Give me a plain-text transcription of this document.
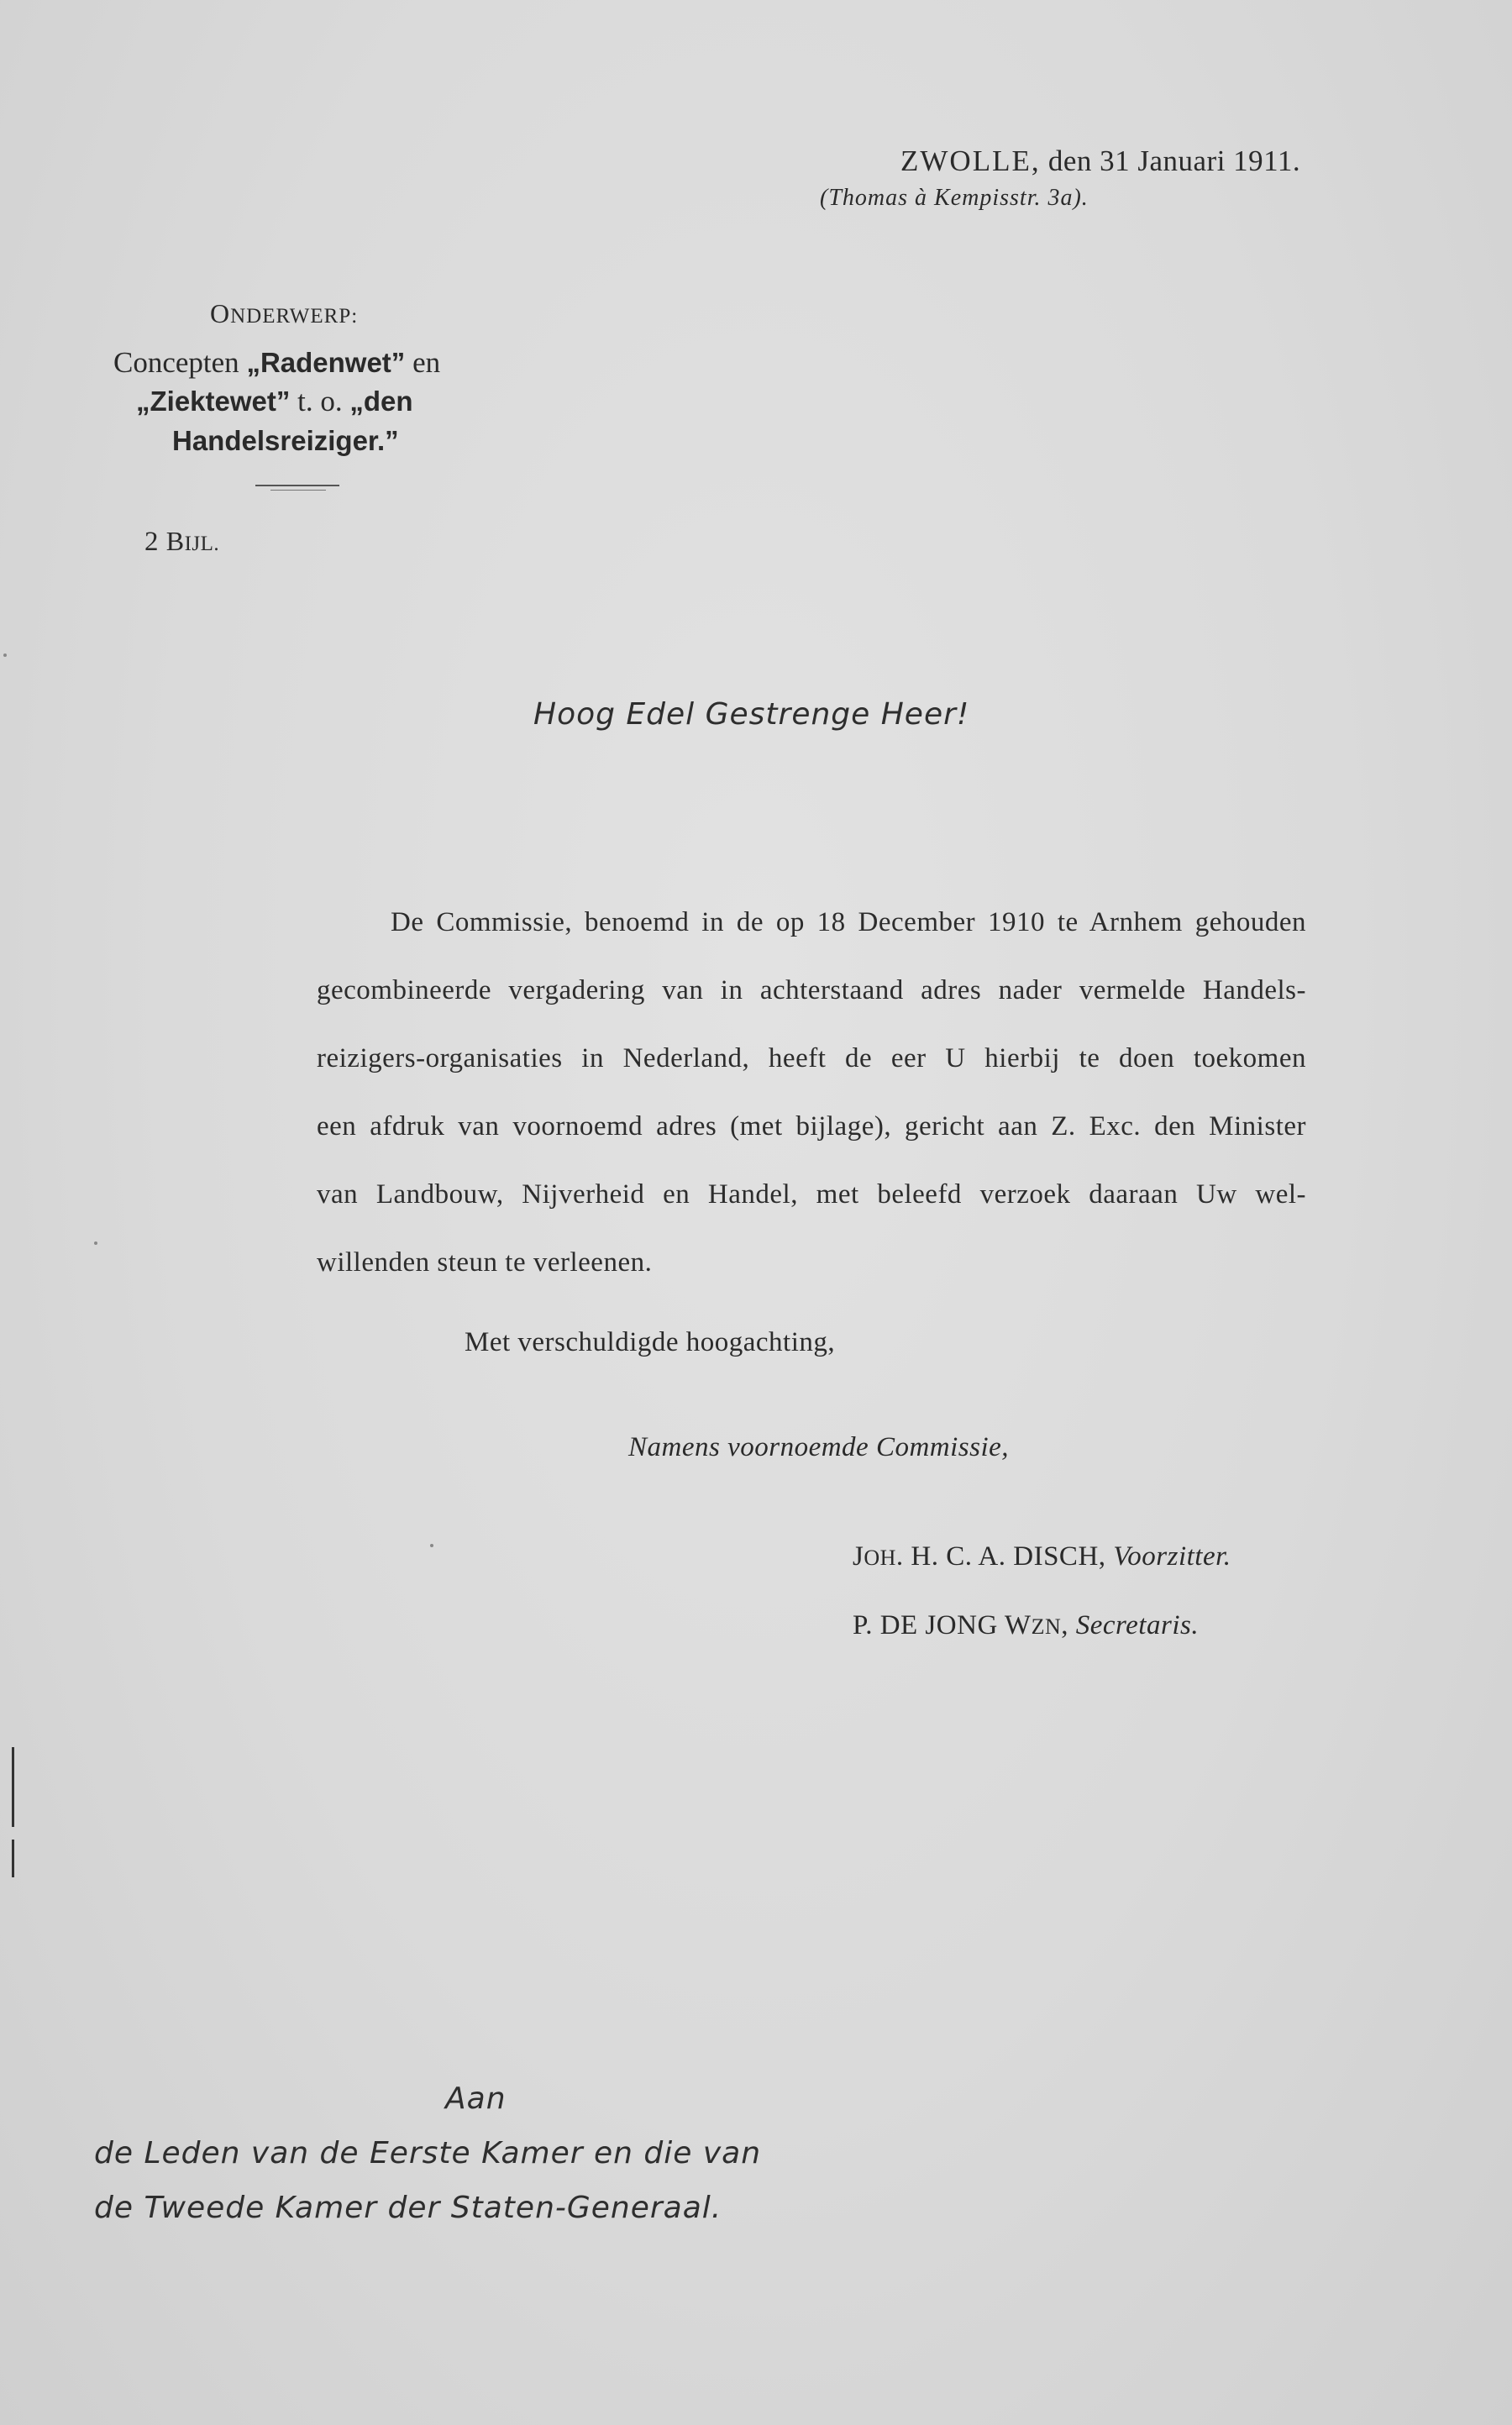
ZWOLLE, den 31 Januari 1911.
(Thomas à Kempisstr. 3a).
ONDERWERP:
Concepten „Radenwet” en
„Ziektewet” t. o. „den
Handelsreiziger.”
2 BIJL.
Hoog Edel Gestrenge Heer!
De Commissie, benoemd in de op 18 December 1910 te Arnhem gehouden
gecombineerde vergadering van in achterstaand adres nader vermelde Handels-
reizigers-organisaties in Nederland, heeft de eer U hierbij te doen toekomen
een afdruk van voornoemd adres (met bijlage), gericht aan Z. Exc. den Minister
van Landbouw, Nijverheid en Handel, met beleefd verzoek daaraan Uw wel-
willenden steun te verleenen.
Met verschuldigde hoogachting,
Namens voornoemde Commissie,
JOH. H. C. A. DISCH, Voorzitter.
P. DE JONG WZN, Secretaris.
Aan
de Leden van de Eerste Kamer en die van
de Tweede Kamer der Staten-Generaal.
